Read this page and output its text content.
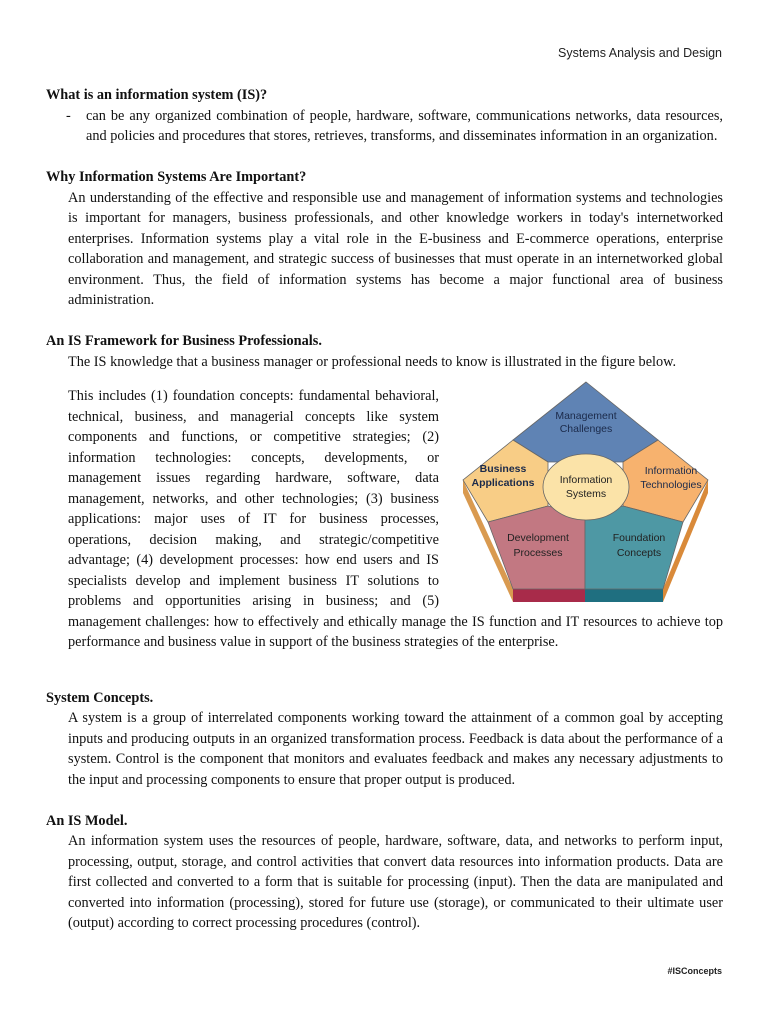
Systems Analysis and Design

What is an information system (IS)?

-	can be any organized combination of people, hardware, software, communications networks, data resources, and policies and procedures that stores, retrieves, transforms, and disseminates information in an organization.

Why Information Systems Are Important?

An understanding of the effective and responsible use and management of information systems and technologies is important for managers, business professionals, and other knowledge workers in today's internetworked enterprises. Information systems play a vital role in the E-business and E-commerce operations, enterprise collaboration and management, and strategic success of businesses that must operate in an internetworked global environment. Thus, the field of information systems has become a major functional area of business administration.

An IS Framework for Business Professionals.

The IS knowledge that a business manager or professional needs to know is illustrated in the figure below.

Management
Challenges
Information
Systems
Business
Applications
Information
Technologies
Development
Processes
Foundation
Concepts

This includes (1) foundation concepts: fundamental behavioral, technical, business, and managerial concepts like system components and functions, or competitive strategies; (2) information technologies: concepts, developments, or management issues regarding hardware, software, data management, networks, and other technologies; (3) business applications: major uses of IT for business processes, operations, decision making, and strategic/competitive advantage; (4) development processes: how end users and IS specialists develop and implement business IT solutions to problems and opportunities arising in business; and (5) management challenges: how to effectively and ethically manage the IS function and IT resources to achieve top performance and business value in support of the business strategies of the enterprise.

System Concepts.

A system is a group of interrelated components working toward the attainment of a common goal by accepting inputs and producing outputs in an organized transformation process. Feedback is data about the performance of a system. Control is the component that monitors and evaluates feedback and makes any necessary adjustments to the input and processing components to ensure that proper output is produced.

An IS Model.

An information system uses the resources of people, hardware, software, data, and networks to perform input, processing, output, storage, and control activities that convert data resources into information products. Data are first collected and converted to a form that is suitable for processing (input). Then the data are manipulated and converted into information (processing), stored for future use (storage), or communicated to their ultimate user (output) according to correct processing procedures (control).

#ISConcepts
